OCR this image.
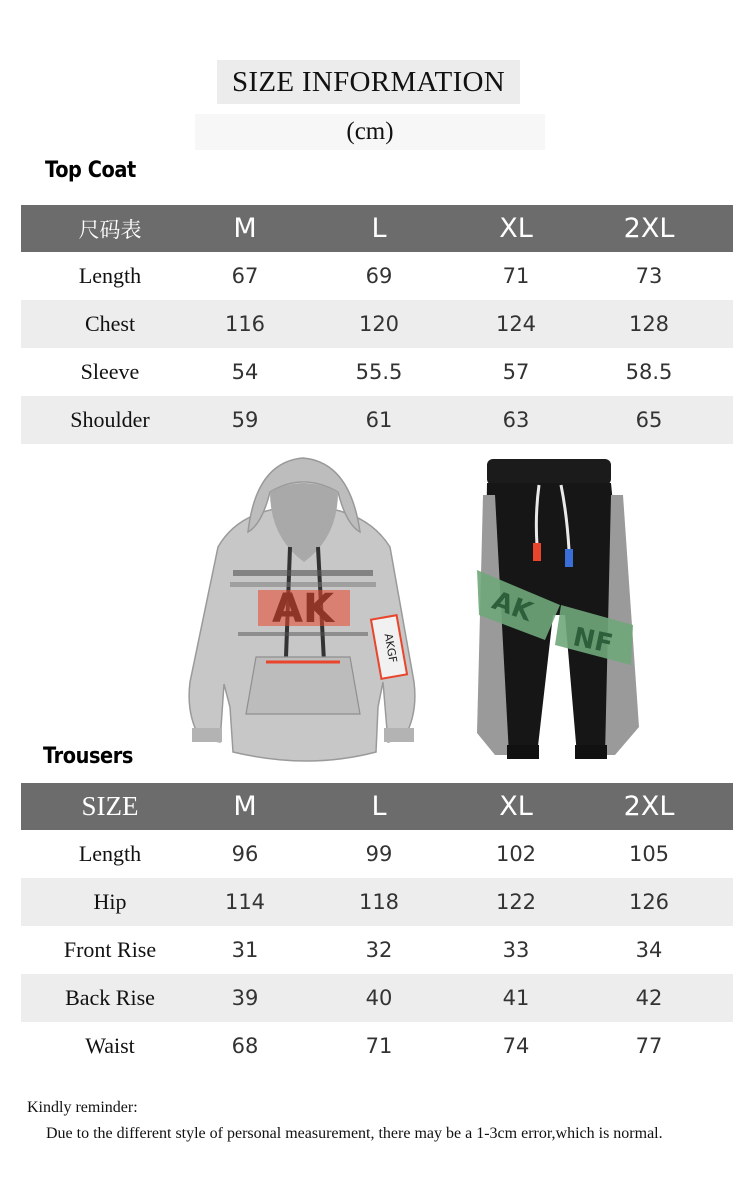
SIZE INFORMATION
(cm)
Top Coat
尺码表	M	L	XL	2XL
Length	67	69	71	73
Chest	116	120	124	128
Sleeve	54	55.5	57	58.5
Shoulder	59	61	63	65
AKGF
AK
NF
Trousers
SIZE	M	L	XL	2XL
Length	96	99	102	105
Hip	114	118	122	126
Front Rise	31	32	33	34
Back Rise	39	40	41	42
Waist	68	71	74	77
Kindly reminder:
Due to the different style of personal measurement, there may be a 1-3cm error,which is normal.
